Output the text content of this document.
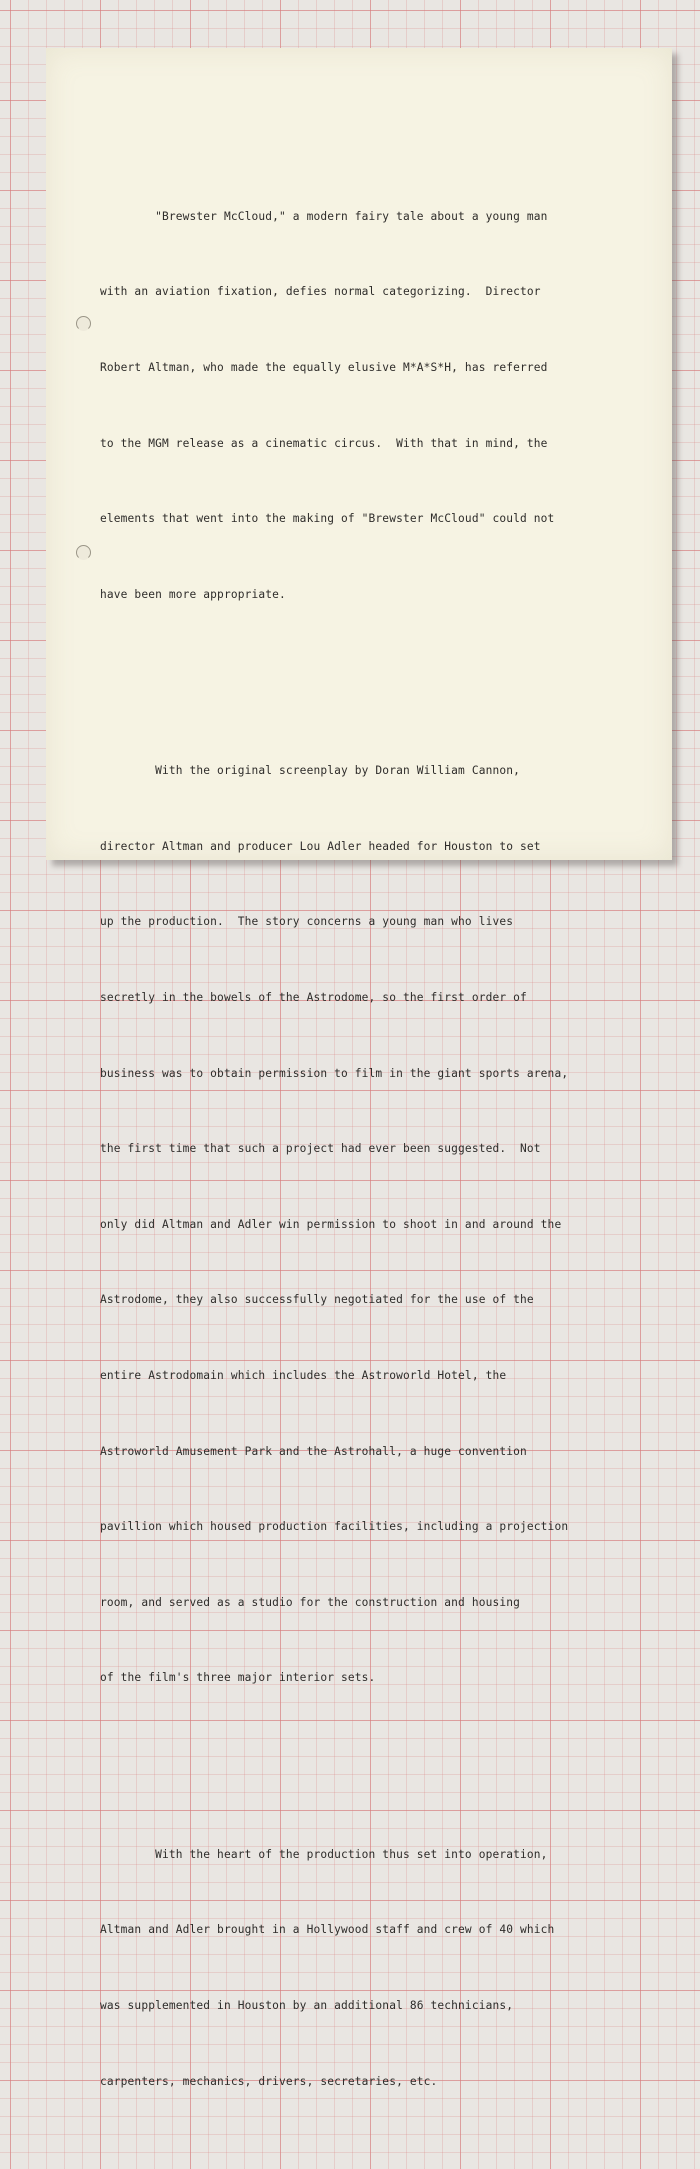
"Brewster McCloud," a modern fairy tale about a young man

with an aviation fixation, defies normal categorizing.  Director

Robert Altman, who made the equally elusive M*A*S*H, has referred

to the MGM release as a cinematic circus.  With that in mind, the

elements that went into the making of "Brewster McCloud" could not

have been more appropriate.

With the original screenplay by Doran William Cannon,

director Altman and producer Lou Adler headed for Houston to set

up the production.  The story concerns a young man who lives

secretly in the bowels of the Astrodome, so the first order of

business was to obtain permission to film in the giant sports arena,

the first time that such a project had ever been suggested.  Not

only did Altman and Adler win permission to shoot in and around the

Astrodome, they also successfully negotiated for the use of the

entire Astrodomain which includes the Astroworld Hotel, the

Astroworld Amusement Park and the Astrohall, a huge convention

pavillion which housed production facilities, including a projection

room, and served as a studio for the construction and housing

of the film's three major interior sets.

With the heart of the production thus set into operation,

Altman and Adler brought in a Hollywood staff and crew of 40 which

was supplemented in Houston by an additional 86 technicians,

carpenters, mechanics, drivers, secretaries, etc.
